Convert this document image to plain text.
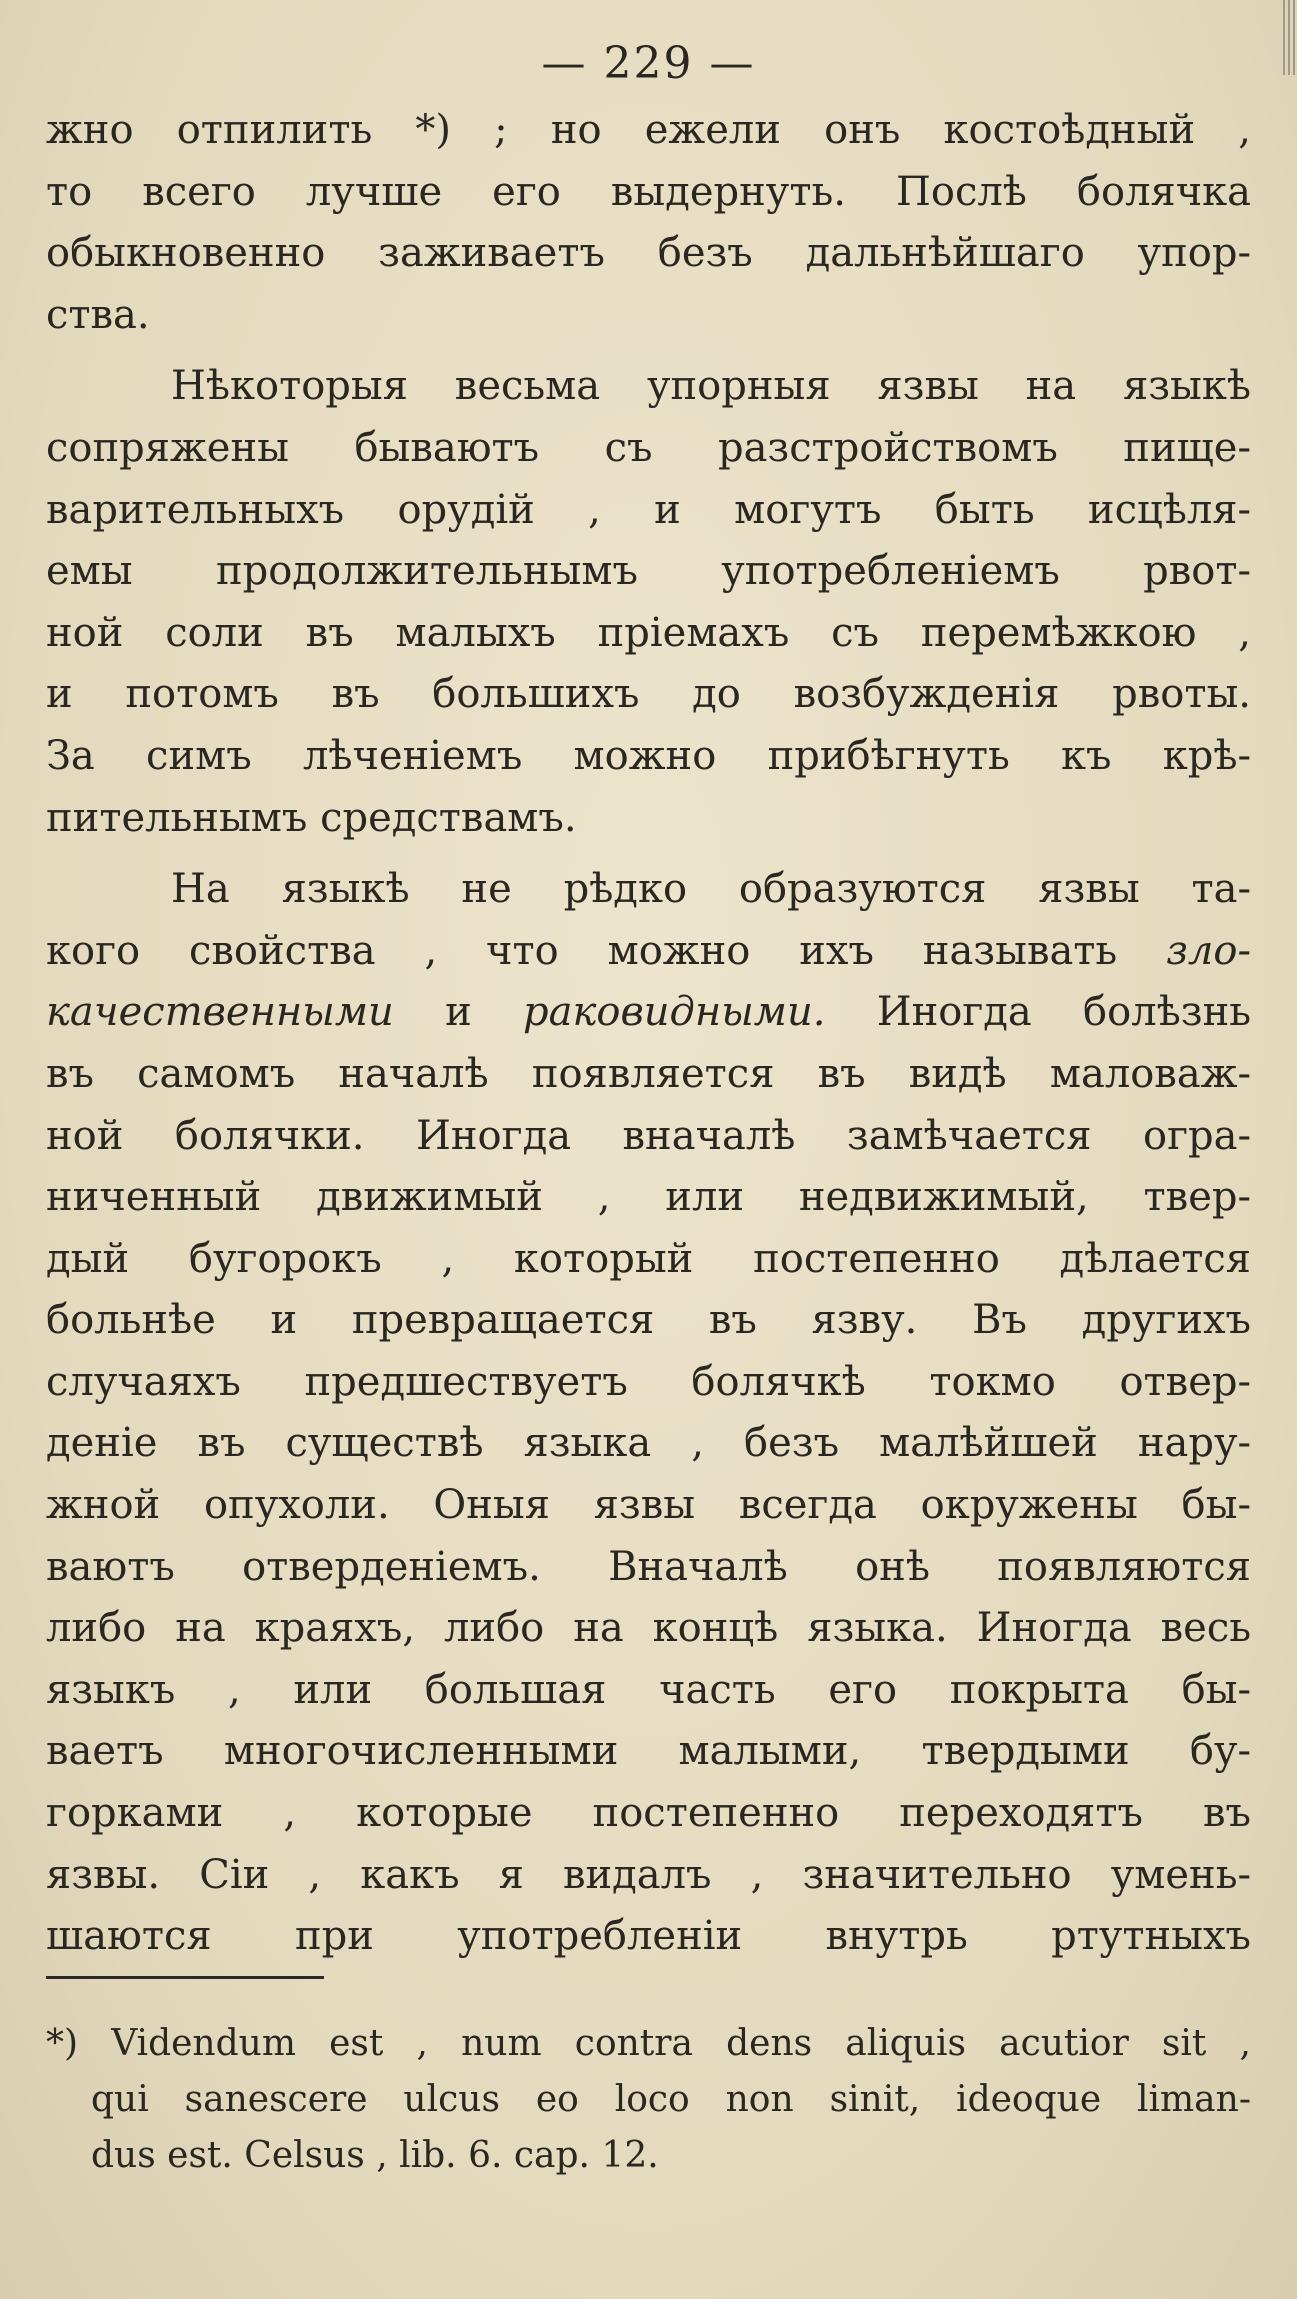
— 229 —
жно отпилить *) ; но ежели онъ костоѣдный ,
то всего лучше его выдернуть. Послѣ болячка
обыкновенно заживаетъ безъ дальнѣйшаго упор-
ства.
Нѣкоторыя весьма упорныя язвы на языкѣ
сопряжены бываютъ съ разстройствомъ пище-
варительныхъ орудій , и могутъ быть исцѣля-
емы продолжительнымъ употребленіемъ рвот-
ной соли въ малыхъ пріемахъ съ перемѣжкою ,
и потомъ въ большихъ до возбужденія рвоты.
За симъ лѣченіемъ можно прибѣгнуть къ крѣ-
пительнымъ средствамъ.
На языкѣ не рѣдко образуются язвы та-
кого свойства , что можно ихъ называть зло-
качественными и раковидными. Иногда болѣзнь
въ самомъ началѣ появляется въ видѣ маловаж-
ной болячки. Иногда вначалѣ замѣчается огра-
ниченный движимый , или недвижимый, твер-
дый бугорокъ , который постепенно дѣлается
больнѣе и превращается въ язву. Въ другихъ
случаяхъ предшествуетъ болячкѣ токмо отвер-
деніе въ существѣ языка , безъ малѣйшей нару-
жной опухоли. Оныя язвы всегда окружены бы-
ваютъ отверденіемъ. Вначалѣ онѣ появляются
либо на краяхъ, либо на концѣ языка. Иногда весь
языкъ , или большая часть его покрыта бы-
ваетъ многочисленными малыми, твердыми бу-
горками , которые постепенно переходятъ въ
язвы. Сіи , какъ я видалъ , значительно умень-
шаются при употребленіи внутрь ртутныхъ
*) Videndum est , num contra dens aliquis acutior sit ,
qui sanescere ulcus eo loco non sinit, ideoque liman-
dus est. Celsus , lib. 6. cap. 12.
